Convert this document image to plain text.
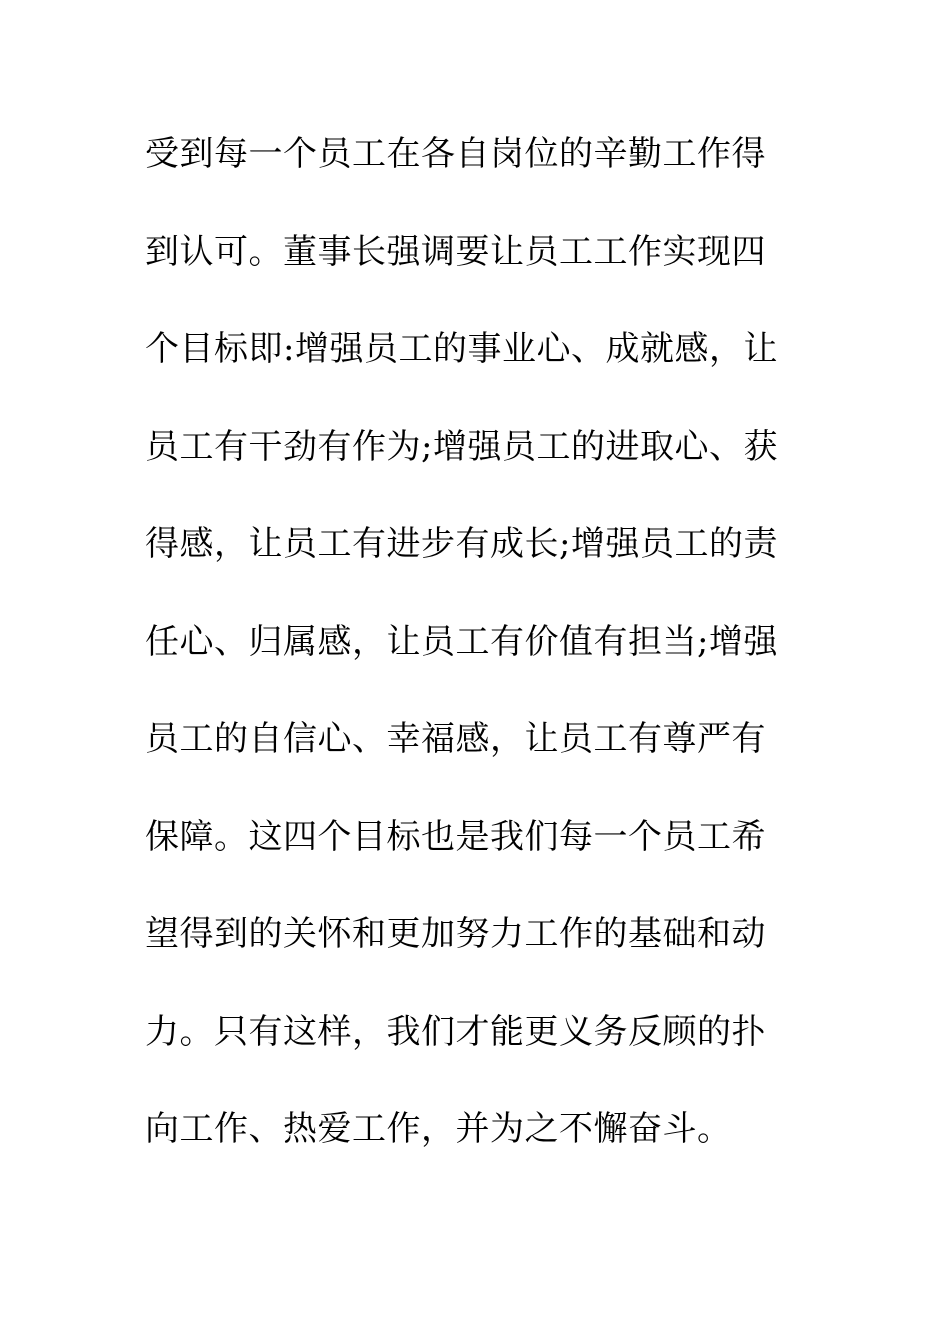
受到每一个员工在各自岗位的辛勤工作得
到认可。董事长强调要让员工工作实现四
个目标即:增强员工的事业心、成就感，让
员工有干劲有作为;增强员工的进取心、获
得感，让员工有进步有成长;增强员工的责
任心、归属感，让员工有价值有担当;增强
员工的自信心、幸福感，让员工有尊严有
保障。这四个目标也是我们每一个员工希
望得到的关怀和更加努力工作的基础和动
力。只有这样，我们才能更义务反顾的扑
向工作、热爱工作，并为之不懈奋斗。
